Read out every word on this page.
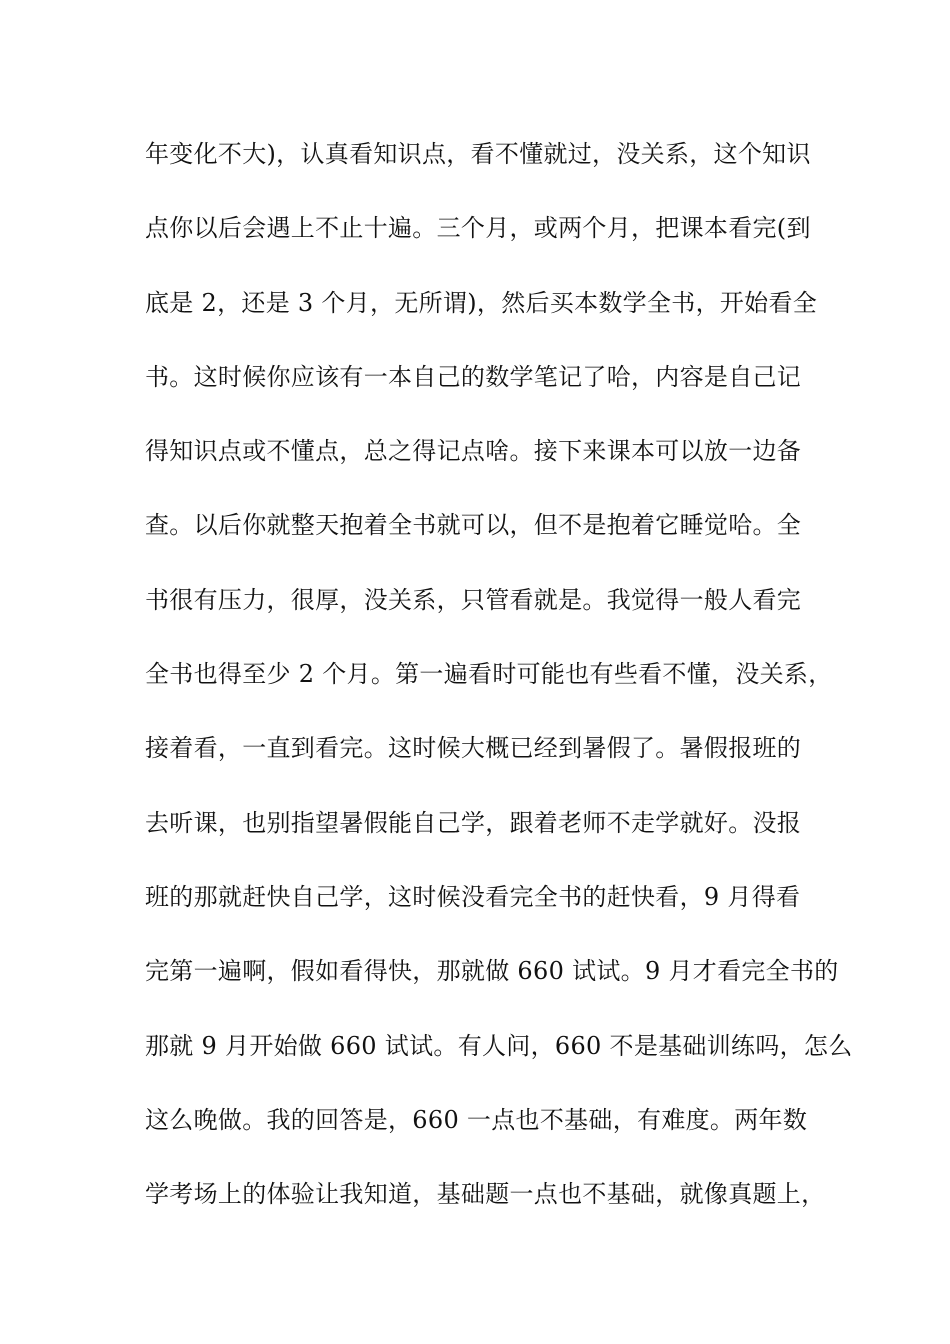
年变化不大)，认真看知识点，看不懂就过，没关系，这个知识
点你以后会遇上不止十遍。三个月，或两个月，把课本看完(到
底是 2，还是 3 个月，无所谓)，然后买本数学全书，开始看全
书。这时候你应该有一本自己的数学笔记了哈，内容是自己记
得知识点或不懂点，总之得记点啥。接下来课本可以放一边备
查。以后你就整天抱着全书就可以，但不是抱着它睡觉哈。全
书很有压力，很厚，没关系，只管看就是。我觉得一般人看完
全书也得至少 2 个月。第一遍看时可能也有些看不懂，没关系，
接着看，一直到看完。这时候大概已经到暑假了。暑假报班的
去听课，也别指望暑假能自己学，跟着老师不走学就好。没报
班的那就赶快自己学，这时候没看完全书的赶快看，9 月得看
完第一遍啊，假如看得快，那就做 660 试试。9 月才看完全书的
那就 9 月开始做 660 试试。有人问，660 不是基础训练吗，怎么
这么晚做。我的回答是，660 一点也不基础，有难度。两年数
学考场上的体验让我知道，基础题一点也不基础，就像真题上，
